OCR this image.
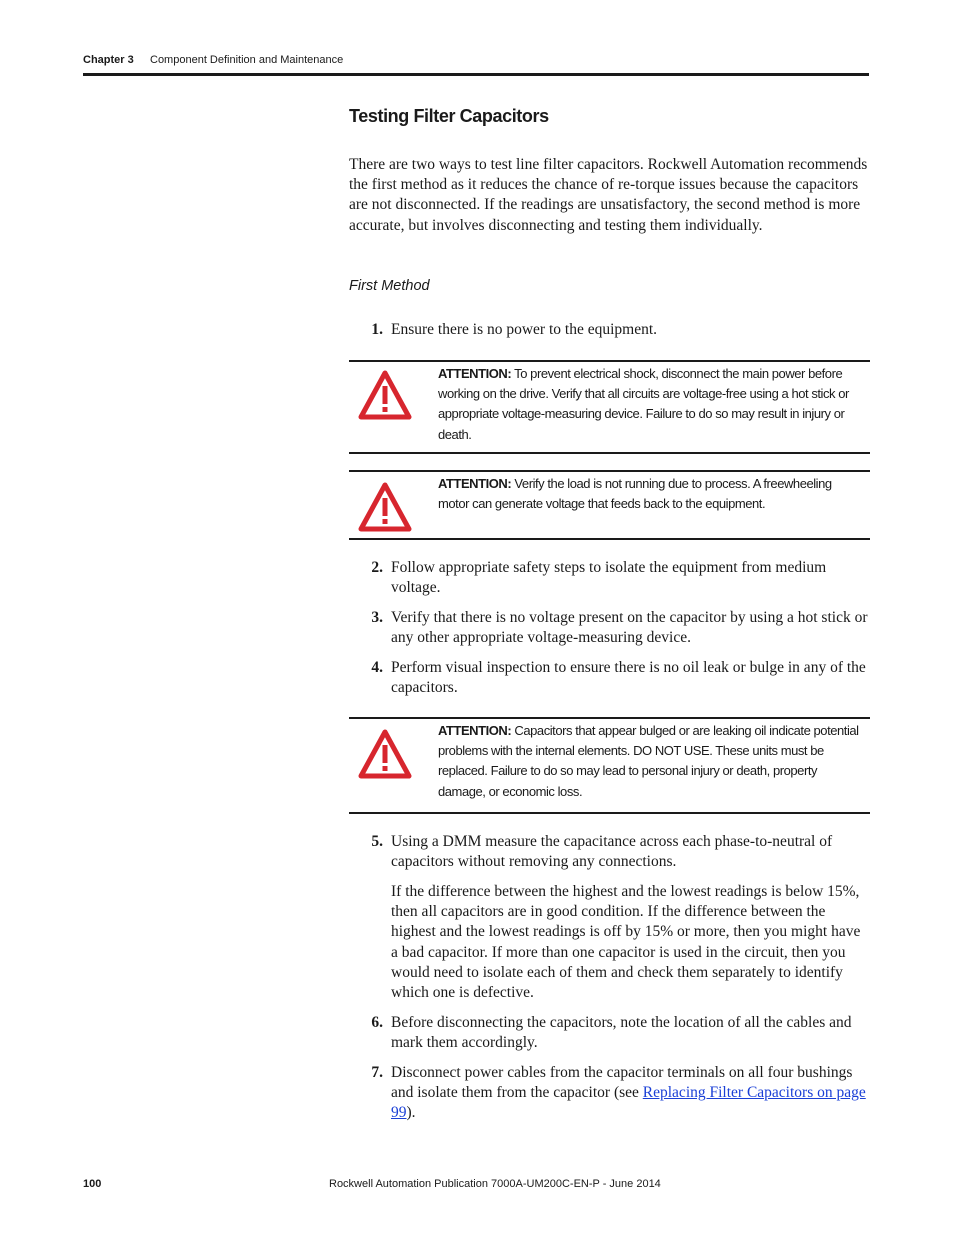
Chapter 3 Component Definition and Maintenance
Testing Filter Capacitors

There are two ways to test line filter capacitors. Rockwell Automation recommends the first method as it reduces the chance of re-torque issues because the capacitors are not disconnected. If the readings are unsatisfactory, the second method is more accurate, but involves disconnecting and testing them individually.

First Method
1. Ensure there is no power to the equipment.
ATTENTION: To prevent electrical shock, disconnect the main power before working on the drive. Verify that all circuits are voltage-free using a hot stick or appropriate voltage-measuring device. Failure to do so may result in injury or death.
ATTENTION: Verify the load is not running due to process. A freewheeling motor can generate voltage that feeds back to the equipment.
2. Follow appropriate safety steps to isolate the equipment from medium voltage.
3. Verify that there is no voltage present on the capacitor by using a hot stick or any other appropriate voltage-measuring device.
4. Perform visual inspection to ensure there is no oil leak or bulge in any of the capacitors.
ATTENTION: Capacitors that appear bulged or are leaking oil indicate potential problems with the internal elements. DO NOT USE. These units must be replaced. Failure to do so may lead to personal injury or death, property damage, or economic loss.
5. Using a DMM measure the capacitance across each phase-to-neutral of capacitors without removing any connections.

If the difference between the highest and the lowest readings is below 15%, then all capacitors are in good condition. If the difference between the highest and the lowest readings is off by 15% or more, then you might have a bad capacitor. If more than one capacitor is used in the circuit, then you would need to isolate each of them and check them separately to identify which one is defective.

6. Before disconnecting the capacitors, note the location of all the cables and mark them accordingly.
7. Disconnect power cables from the capacitor terminals on all four bushings and isolate them from the capacitor (see Replacing Filter Capacitors on page 99).
100	Rockwell Automation Publication 7000A-UM200C-EN-P - June 2014
